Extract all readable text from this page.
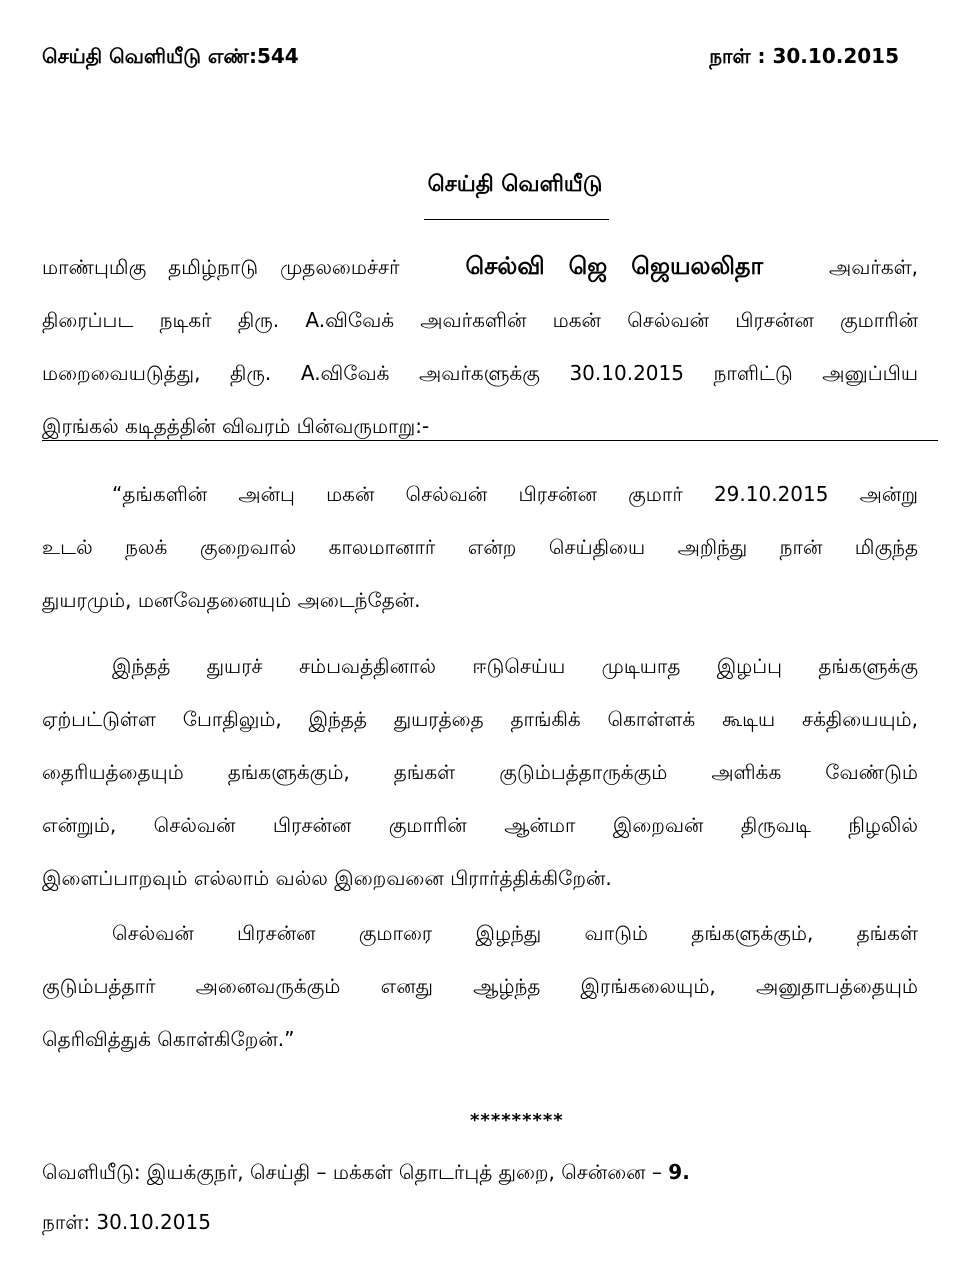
செய்தி வெளியீடு எண்:544	நாள் : 30.10.2015
செய்தி வெளியீடு
மாண்புமிகு தமிழ்நாடு முதலமைச்சர்	செல்வி ஜெ ஜெயலலிதா	அவர்கள்,
திரைப்பட நடிகர் திரு. A.விவேக் அவர்களின் மகன் செல்வன் பிரசன்ன குமாரின்
மறைவையடுத்து, திரு. A.விவேக் அவர்களுக்கு 30.10.2015 நாளிட்டு அனுப்பிய
இரங்கல் கடிதத்தின் விவரம் பின்வருமாறு:-
“தங்களின் அன்பு மகன் செல்வன் பிரசன்ன குமார் 29.10.2015 அன்று
உடல் நலக் குறைவால் காலமானார் என்ற செய்தியை அறிந்து நான் மிகுந்த
துயரமும், மனவேதனையும் அடைந்தேன்.
இந்தத் துயரச் சம்பவத்தினால் ஈடுசெய்ய முடியாத இழப்பு தங்களுக்கு
ஏற்பட்டுள்ள போதிலும், இந்தத் துயரத்தை தாங்கிக் கொள்ளக் கூடிய சக்தியையும்,
தைரியத்தையும் தங்களுக்கும், தங்கள் குடும்பத்தாருக்கும் அளிக்க வேண்டும்
என்றும், செல்வன் பிரசன்ன குமாரின் ஆன்மா இறைவன் திருவடி நிழலில்
இளைப்பாறவும் எல்லாம் வல்ல இறைவனை பிரார்த்திக்கிறேன்.
செல்வன் பிரசன்ன குமாரை இழந்து வாடும் தங்களுக்கும், தங்கள்
குடும்பத்தார் அனைவருக்கும் எனது ஆழ்ந்த இரங்கலையும், அனுதாபத்தையும்
தெரிவித்துக் கொள்கிறேன்.”
*********
வெளியீடு: இயக்குநர், செய்தி – மக்கள் தொடர்புத் துறை, சென்னை – 9.
நாள்: 30.10.2015
